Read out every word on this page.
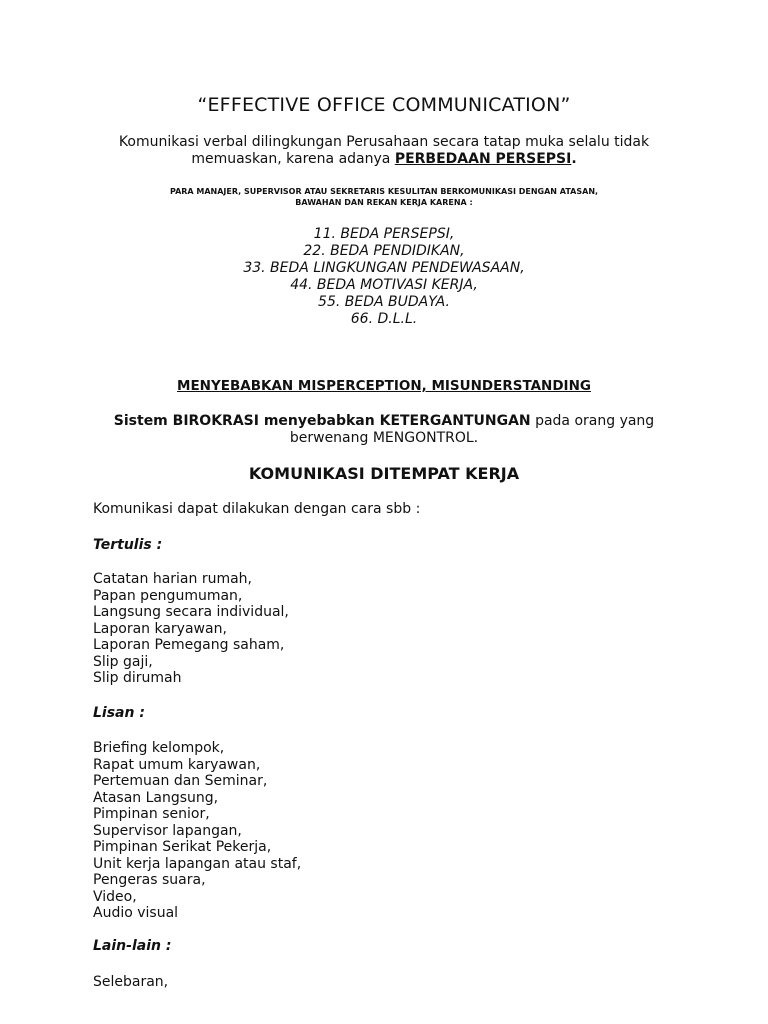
“EFFECTIVE OFFICE COMMUNICATION”
Komunikasi verbal dilingkungan Perusahaan secara tatap muka selalu tidak
memuaskan, karena adanya PERBEDAAN PERSEPSI.
PARA MANAJER, SUPERVISOR ATAU SEKRETARIS KESULITAN BERKOMUNIKASI DENGAN ATASAN,
BAWAHAN DAN REKAN KERJA KARENA :
11. BEDA PERSEPSI,
22. BEDA PENDIDIKAN,
33. BEDA LINGKUNGAN PENDEWASAAN,
44. BEDA MOTIVASI KERJA,
55. BEDA BUDAYA.
66. D.L.L.
MENYEBABKAN MISPERCEPTION, MISUNDERSTANDING
Sistem BIROKRASI menyebabkan KETERGANTUNGAN pada orang yang
berwenang MENGONTROL.
KOMUNIKASI DITEMPAT KERJA
Komunikasi dapat dilakukan dengan cara sbb :
Tertulis :
Catatan harian rumah,
Papan pengumuman,
Langsung secara individual,
Laporan karyawan,
Laporan Pemegang saham,
Slip gaji,
Slip dirumah
Lisan :
Briefing kelompok,
Rapat umum karyawan,
Pertemuan dan Seminar,
Atasan Langsung,
Pimpinan senior,
Supervisor lapangan,
Pimpinan Serikat Pekerja,
Unit kerja lapangan atau staf,
Pengeras suara,
Video,
Audio visual
Lain-lain :
Selebaran,
